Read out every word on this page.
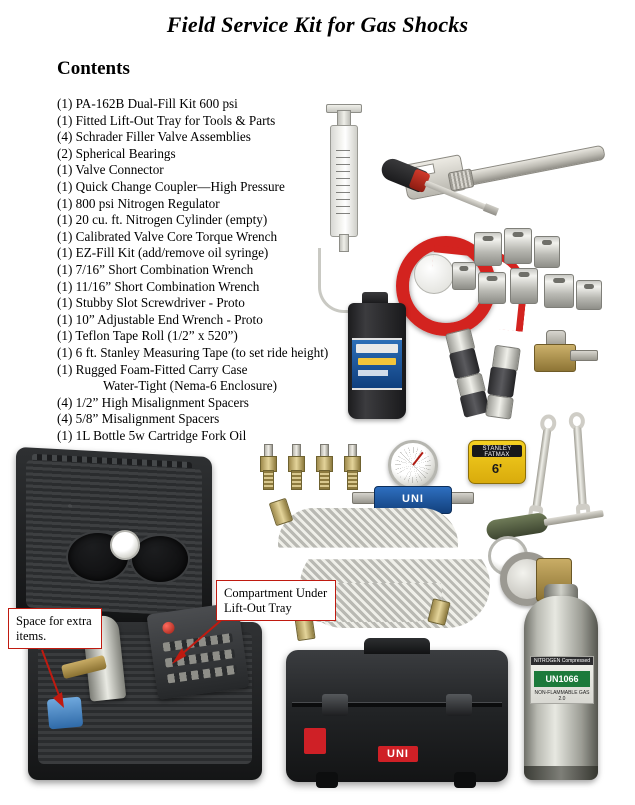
Field Service Kit for Gas Shocks
Contents
(1) PA-162B Dual-Fill Kit 600 psi
(1) Fitted Lift-Out Tray for Tools & Parts
(4) Schrader Filler Valve Assemblies
(2) Spherical Bearings
(1) Valve Connector
(1) Quick Change Coupler—High Pressure
(1) 800 psi Nitrogen Regulator
(1) 20 cu. ft. Nitrogen Cylinder (empty)
(1) Calibrated Valve Core Torque Wrench
(1) EZ-Fill Kit (add/remove oil syringe)
(1) 7/16” Short Combination Wrench
(1) 11/16” Short Combination Wrench
(1) Stubby Slot Screwdriver - Proto
(1) 10” Adjustable End Wrench - Proto
(1) Teflon Tape Roll (1/2” x 520”)
(1) 6 ft. Stanley Measuring Tape (to set ride height)
(1) Rugged Foam-Fitted Carry Case
Water-Tight (Nema-6 Enclosure)
(4) 1/2” High Misalignment Spacers
(4) 5/8” Misalignment Spacers
(1) 1L Bottle 5w Cartridge Fork Oil
STANLEY FATMAX
6'
UNI
NITROGEN Compressed
UN1066
NON-FLAMMABLE GAS 2.0
UNI
Compartment Under Lift-Out Tray
Space for extra items.
